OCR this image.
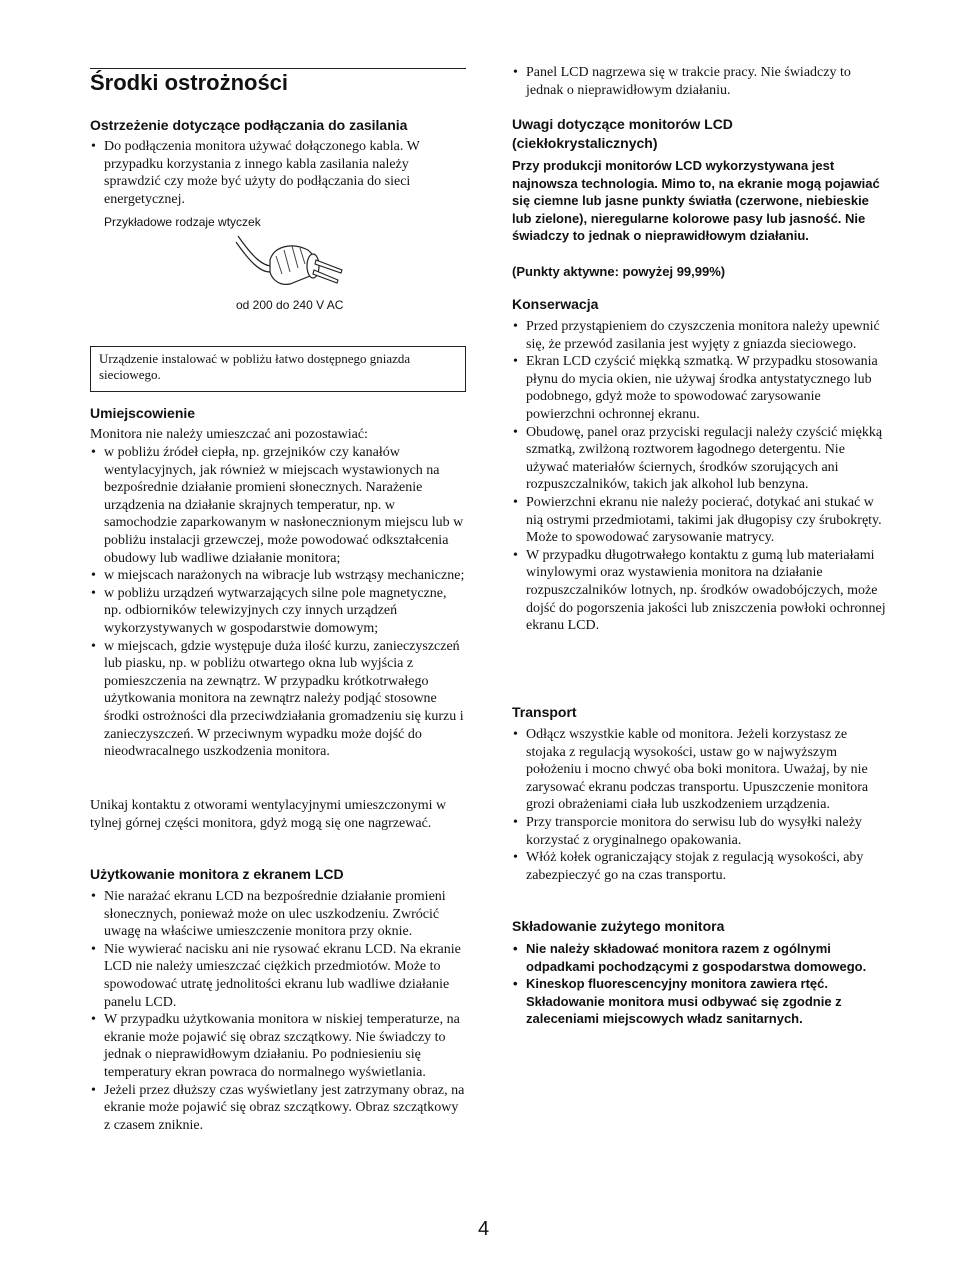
Środki ostrożności
Ostrzeżenie dotyczące podłączania do zasilania
• Do podłączenia monitora używać dołączonego kabla. W przypadku korzystania z innego kabla zasilania należy sprawdzić czy może być użyty do podłączania do sieci energetycznej.

Przykładowe rodzaje wtyczek

od 200 do 240 V AC

Urządzenie instalować w pobliżu łatwo dostępnego gniazda sieciowego.
Umiejscowienie

Monitora nie należy umieszczać ani pozostawiać:

• w pobliżu źródeł ciepła, np. grzejników czy kanałów wentylacyjnych, jak również w miejscach wystawionych na bezpośrednie działanie promieni słonecznych. Narażenie urządzenia na działanie skrajnych temperatur, np. w samochodzie zaparkowanym w nasłonecznionym miejscu lub w pobliżu instalacji grzewczej, może powodować odkształcenia obudowy lub wadliwe działanie monitora;
• w miejscach narażonych na wibracje lub wstrząsy mechaniczne;
• w pobliżu urządzeń wytwarzających silne pole magnetyczne, np. odbiorników telewizyjnych czy innych urządzeń wykorzystywanych w gospodarstwie domowym;
• w miejscach, gdzie występuje duża ilość kurzu, zanieczyszczeń lub piasku, np. w pobliżu otwartego okna lub wyjścia z pomieszczenia na zewnątrz. W przypadku krótkotrwałego użytkowania monitora na zewnątrz należy podjąć stosowne środki ostrożności dla przeciwdziałania gromadzeniu się kurzu i zanieczyszczeń. W przeciwnym wypadku może dojść do nieodwracalnego uszkodzenia monitora.

Unikaj kontaktu z otworami wentylacyjnymi umieszczonymi w tylnej górnej części monitora, gdyż mogą się one nagrzewać.

Użytkowanie monitora z ekranem LCD
• Nie narażać ekranu LCD na bezpośrednie działanie promieni słonecznych, ponieważ może on ulec uszkodzeniu. Zwrócić uwagę na właściwe umieszczenie monitora przy oknie.
• Nie wywierać nacisku ani nie rysować ekranu LCD. Na ekranie LCD nie należy umieszczać ciężkich przedmiotów. Może to spowodować utratę jednolitości ekranu lub wadliwe działanie panelu LCD.
• W przypadku użytkowania monitora w niskiej temperaturze, na ekranie może pojawić się obraz szczątkowy. Nie świadczy to jednak o nieprawidłowym działaniu. Po podniesieniu się temperatury ekran powraca do normalnego wyświetlania.
• Jeżeli przez dłuższy czas wyświetlany jest zatrzymany obraz, na ekranie może pojawić się obraz szczątkowy. Obraz szczątkowy z czasem zniknie.
• Panel LCD nagrzewa się w trakcie pracy. Nie świadczy to jednak o nieprawidłowym działaniu.
Uwagi dotyczące monitorów LCD
(ciekłokrystalicznych)

Przy produkcji monitorów LCD wykorzystywana jest najnowsza technologia. Mimo to, na ekranie mogą pojawiać się ciemne lub jasne punkty światła (czerwone, niebieskie lub zielone), nieregularne kolorowe pasy lub jasność. Nie świadczy to jednak o nieprawidłowym działaniu.

(Punkty aktywne: powyżej 99,99%)

Konserwacja
• Przed przystąpieniem do czyszczenia monitora należy upewnić się, że przewód zasilania jest wyjęty z gniazda sieciowego.
• Ekran LCD czyścić miękką szmatką. W przypadku stosowania płynu do mycia okien, nie używaj środka antystatycznego lub podobnego, gdyż może to spowodować zarysowanie powierzchni ochronnej ekranu.
• Obudowę, panel oraz przyciski regulacji należy czyścić miękką szmatką, zwilżoną roztworem łagodnego detergentu. Nie używać materiałów ściernych, środków szorujących ani rozpuszczalników, takich jak alkohol lub benzyna.
• Powierzchni ekranu nie należy pocierać, dotykać ani stukać w nią ostrymi przedmiotami, takimi jak długopisy czy śrubokręty. Może to spowodować zarysowanie matrycy.
• W przypadku długotrwałego kontaktu z gumą lub materiałami winylowymi oraz wystawienia monitora na działanie rozpuszczalników lotnych, np. środków owadobójczych, może dojść do pogorszenia jakości lub zniszczenia powłoki ochronnej ekranu LCD.
Transport
• Odłącz wszystkie kable od monitora. Jeżeli korzystasz ze stojaka z regulacją wysokości, ustaw go w najwyższym położeniu i mocno chwyć oba boki monitora. Uważaj, by nie zarysować ekranu podczas transportu. Upuszczenie monitora grozi obrażeniami ciała lub uszkodzeniem urządzenia.
• Przy transporcie monitora do serwisu lub do wysyłki należy korzystać z oryginalnego opakowania.
• Włóż kołek ograniczający stojak z regulacją wysokości, aby zabezpieczyć go na czas transportu.
Składowanie zużytego monitora
• Nie należy składować monitora razem z ogólnymi odpadkami pochodzącymi z gospodarstwa domowego.
• Kineskop fluorescencyjny monitora zawiera rtęć. Składowanie monitora musi odbywać się zgodnie z zaleceniami miejscowych władz sanitarnych.
4
